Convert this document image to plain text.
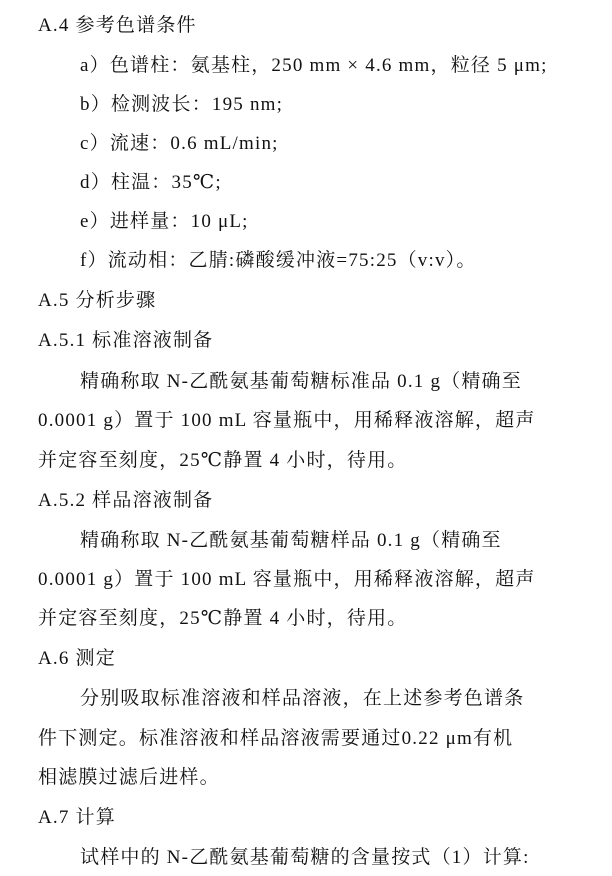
A.4 参考色谱条件
a）色谱柱：氨基柱，250 mm × 4.6 mm，粒径 5 μm;
b）检测波长：195 nm;
c）流速：0.6 mL/min;
d）柱温：35℃;
e）进样量：10 μL;
f）流动相：乙腈:磷酸缓冲液=75:25（v:v）。
A.5 分析步骤
A.5.1 标准溶液制备
精确称取 N-乙酰氨基葡萄糖标准品 0.1 g（精确至
0.0001 g）置于 100 mL 容量瓶中，用稀释液溶解，超声
并定容至刻度，25℃静置 4 小时，待用。
A.5.2 样品溶液制备
精确称取 N-乙酰氨基葡萄糖样品 0.1 g（精确至
0.0001 g）置于 100 mL 容量瓶中，用稀释液溶解，超声
并定容至刻度，25℃静置 4 小时，待用。
A.6 测定
分别吸取标准溶液和样品溶液，在上述参考色谱条
件下测定。标准溶液和样品溶液需要通过0.22 μm有机
相滤膜过滤后进样。
A.7 计算
试样中的 N-乙酰氨基葡萄糖的含量按式（1）计算:
